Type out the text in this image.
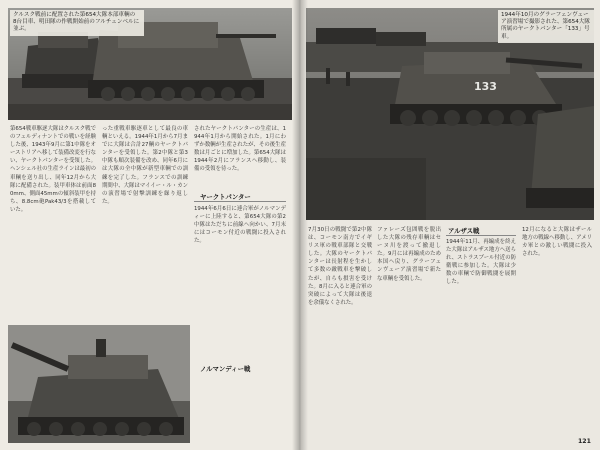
クルスク戦前に配置された第654大隊本部車輌の
8台目車、明田隊の作戦開始前のフルチェンベルに並ぶ。

第654戦車駆逐大隊はクルスク戦でのフェルディナントでの戦いを経験した後、1943年9月に第1中隊をオーストリアへ移して装備改変を行ない、ヤークトパンターを受領した。ヘンシェル社の生産ラインは最初の車輌を送り出し、同年12月から大隊に配備された。装甲車体は前面80mm、側面45mmの傾斜装甲を持ち、8.8cm砲Pak43/3を搭載していた。

った重戦車駆逐車として最良の車輌といえる。1944年1月から7月までに大隊は合計27輌のヤークトパンターを受領した。第2中隊と第3中隊も順次装備を改め、同年6月には大隊の全中隊が新型車輌での訓練を完了した。フランスでの訓練期間中、大隊はマイイー・ル・カンの演習場で射撃訓練を繰り返した。

されたヤークトパンターの生産は、1944年1月から開始された。1月にわずか数輌が生産されたが、その後生産数は月ごとに増加した。第654大隊は1944年2月にフランスへ移動し、装備の受領を待った。

ヤークトパンター

1944年6月6日に連合軍がノルマンディーに上陸すると、第654大隊の第2中隊はただちに前線へ向かい、7月末にはコーモン付近の戦闘に投入された。

ノルマンディー戦
133
1944年10月のグラーフェンヴェーア演習場で撮影された、第654大隊所属のヤークトパンター「133」号車。

7月30日の戦闘で第2中隊は、コーモン南方でイギリス軍の戦車部隊と交戦した。大隊のヤークトパンターは長射程を生かして多数の敵戦車を撃破したが、自らも損害を受けた。8月に入ると連合軍の突破によって大隊は後退を余儀なくされた。

ファレーズ包囲戦を脱出した大隊の残存車輌はセーヌ川を渡って撤退した。9月には再編成のため本国へ戻り、グラーフェンヴェーア演習場で新たな車輌を受領した。

アルザス戦

1944年11月、再編成を終えた大隊はアルザス地方へ送られ、ストラスブール付近の防衛戦に参加した。大隊は少数の車輌で防御戦闘を展開した。

12月になると大隊はザール地方の戦線へ移動し、アメリカ軍との激しい戦闘に投入された。

121
